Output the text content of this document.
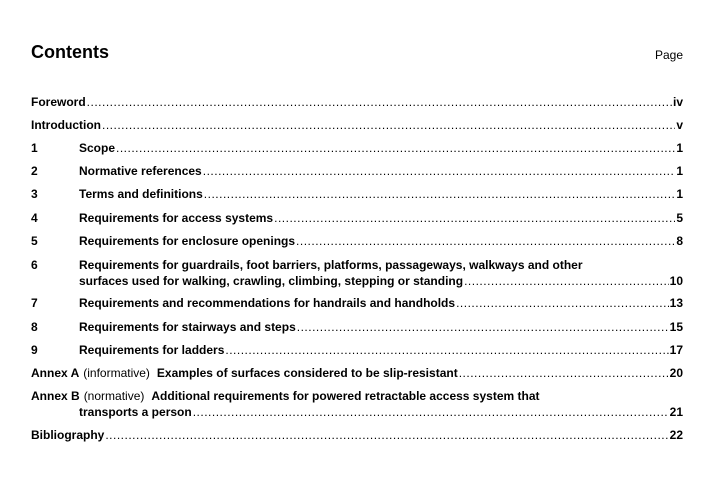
Contents	Page
Foreword .....	iv
Introduction .....	v
1	Scope .....	1
2	Normative references .....	1
3	Terms and definitions .....	1
4	Requirements for access systems .....	5
5	Requirements for enclosure openings .....	8
6	Requirements for guardrails, foot barriers, platforms, passageways, walkways and other
surfaces used for walking, crawling, climbing, stepping or standing .....	10
7	Requirements and recommendations for handrails and handholds .....	13
8	Requirements for stairways and steps .....	15
9	Requirements for ladders .....	17
Annex A (informative) Examples of surfaces considered to be slip-resistant .....	20
Annex B (normative) Additional requirements for powered retractable access system that
transports a person .....	21
Bibliography .....	22
